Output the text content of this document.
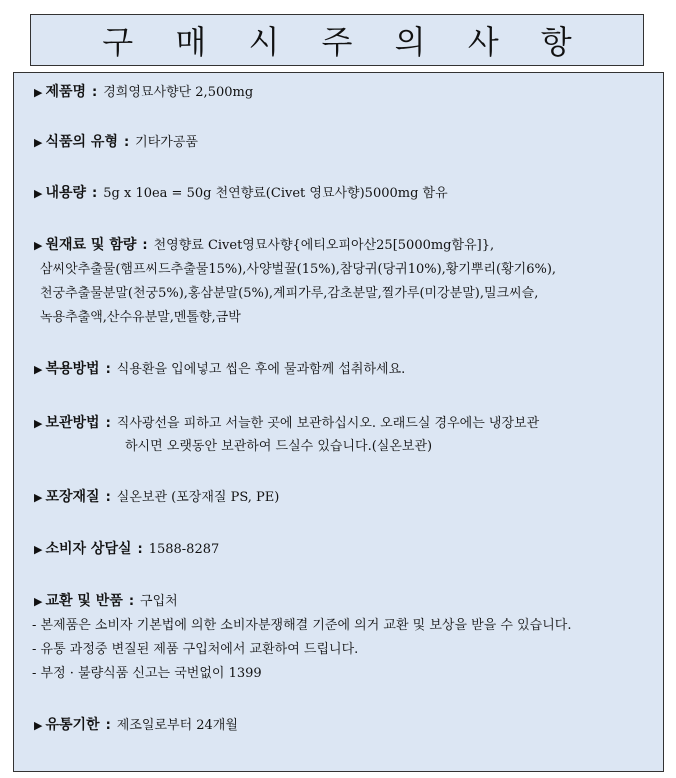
구 매 시 주 의 사 항
▶ 제품명 : 경희영묘사향단 2,500mg
▶ 식품의 유형 : 기타가공품
▶ 내용량 : 5g x 10ea = 50g 천연향료(Civet 영묘사향)5000mg 함유
▶ 원재료 및 함량 : 천영향료 Civet영묘사향{에티오피아산25[5000mg함유]},
삼씨앗추출물(햄프씨드추출물15%),사양벌꿀(15%),참당귀(당귀10%),황기뿌리(황기6%),
천궁추출물분말(천궁5%),홍삼분말(5%),계피가루,감초분말,찔가루(미강분말),밀크씨슬,
녹용추출액,산수유분말,멘톨향,금박
▶ 복용방법 : 식용환을 입에넣고 씹은 후에 물과함께 섭취하세요.
▶ 보관방법 : 직사광선을 피하고 서늘한 곳에 보관하십시오. 오래드실 경우에는 냉장보관
하시면 오랫동안 보관하여 드실수 있습니다.(실온보관)
▶ 포장재질 : 실온보관 (포장재질 PS, PE)
▶ 소비자 상담실 : 1588-8287
▶ 교환 및 반품 : 구입처
- 본제품은 소비자 기본법에 의한 소비자분쟁해결 기준에 의거 교환 및 보상을 받을 수 있습니다.
- 유통 과정중 변질된 제품 구입처에서 교환하여 드립니다.
- 부정 · 불량식품 신고는 국번없이 1399
▶ 유통기한 : 제조일로부터 24개월
